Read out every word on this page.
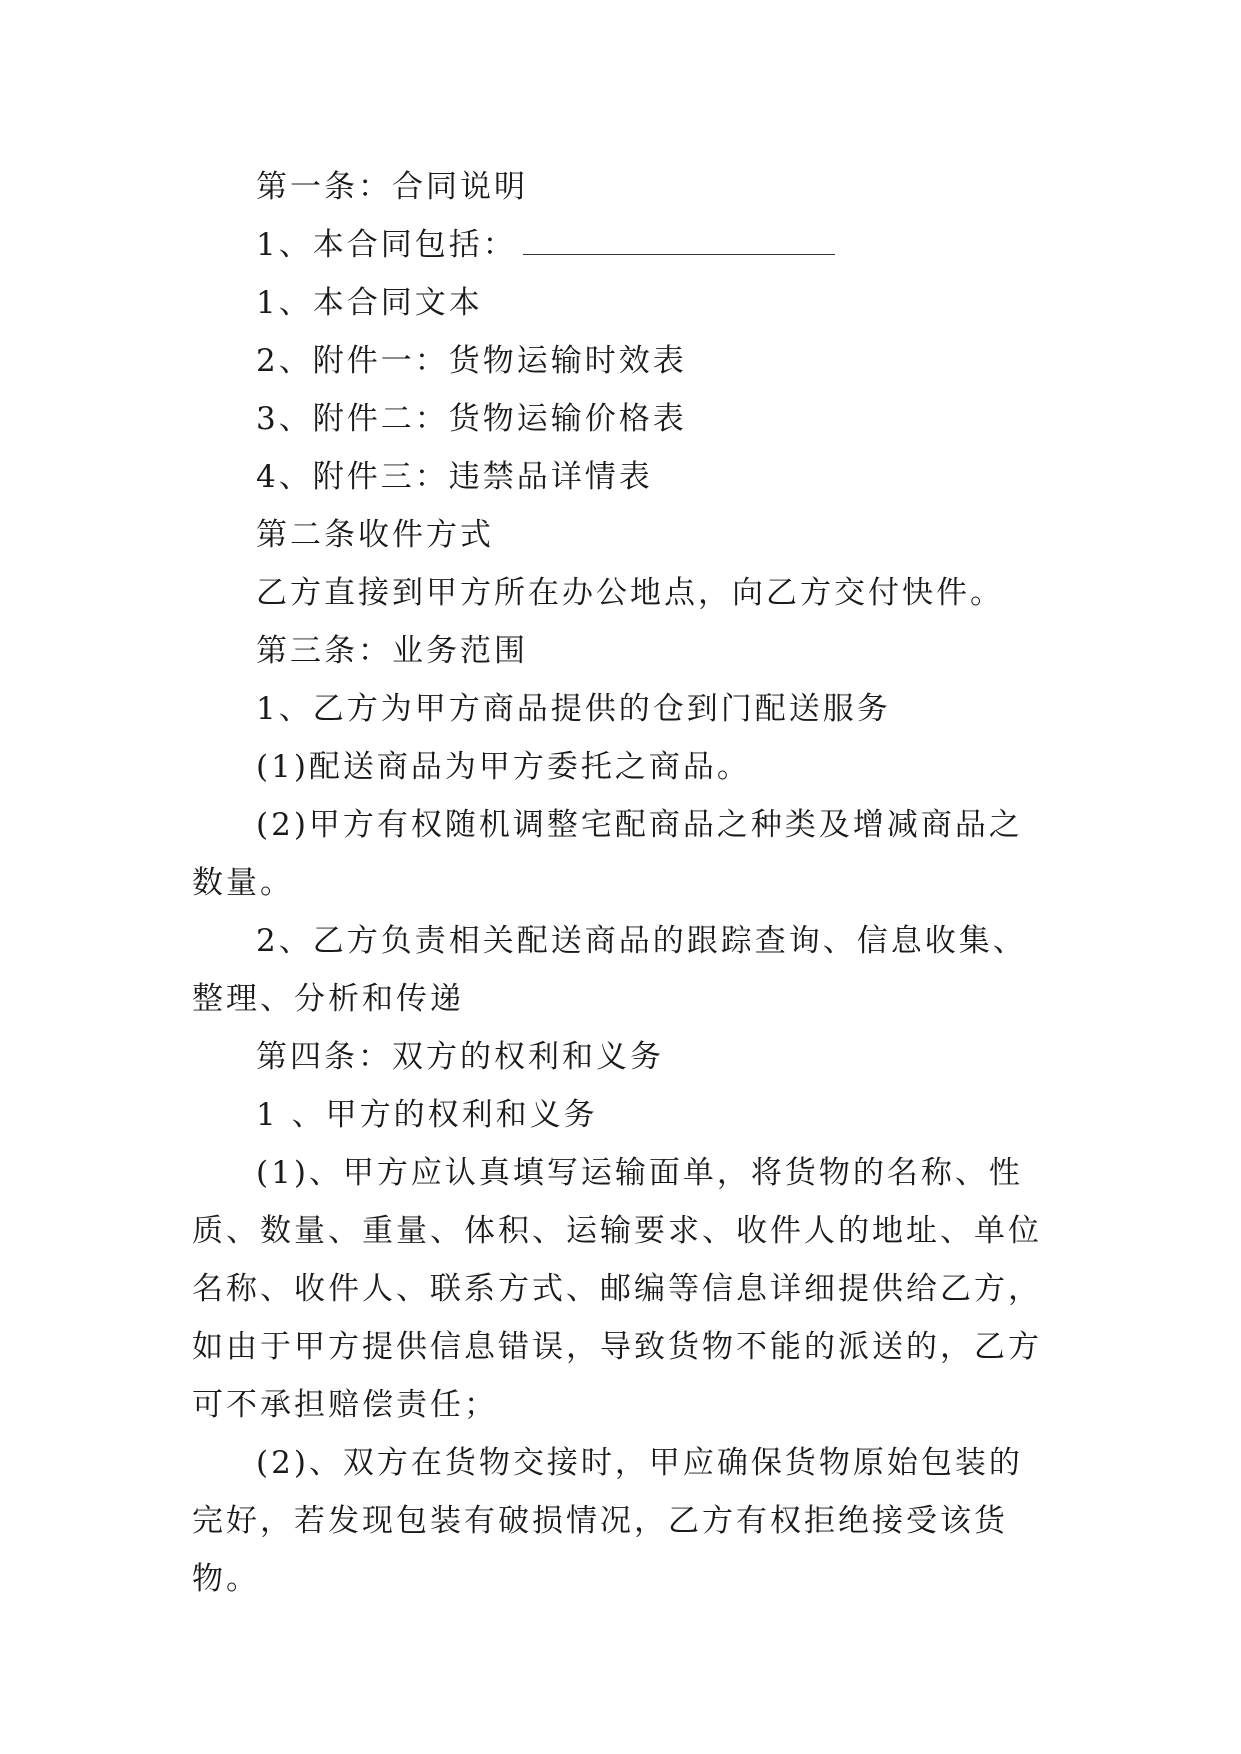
第一条：合同说明

1、本合同包括：

1、本合同文本

2、附件一：货物运输时效表

3、附件二：货物运输价格表

4、附件三：违禁品详情表

第二条收件方式

乙方直接到甲方所在办公地点，向乙方交付快件。

第三条：业务范围

1、乙方为甲方商品提供的仓到门配送服务

(1)配送商品为甲方委托之商品。

(2)甲方有权随机调整宅配商品之种类及增减商品之数量。

2、乙方负责相关配送商品的跟踪查询、信息收集、整理、分析和传递

第四条：双方的权利和义务

1 、甲方的权利和义务

(1)、甲方应认真填写运输面单，将货物的名称、性质、数量、重量、体积、运输要求、收件人的地址、单位名称、收件人、联系方式、邮编等信息详细提供给乙方，如由于甲方提供信息错误，导致货物不能的派送的，乙方可不承担赔偿责任；

(2)、双方在货物交接时，甲应确保货物原始包装的完好，若发现包装有破损情况，乙方有权拒绝接受该货物。
